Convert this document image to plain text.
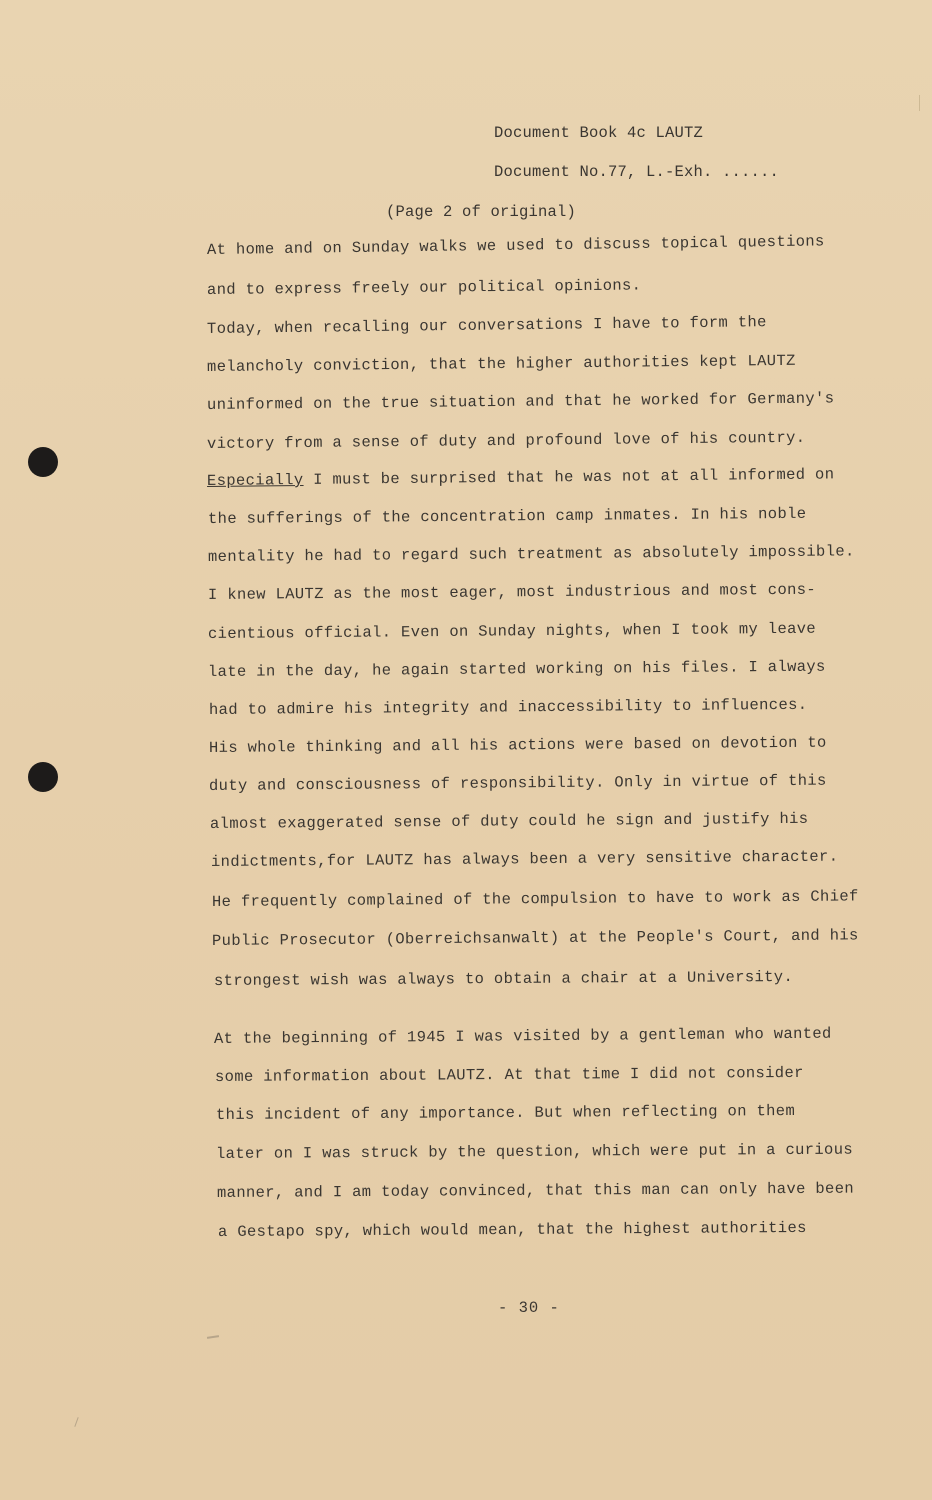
Document Book 4c LAUTZ
Document No.77, L.-Exh. ......
(Page 2 of original)
At home and on Sunday walks we used to discuss topical questions
and to express freely our political opinions.
Today, when recalling our conversations I have to form the
melancholy conviction, that the higher authorities kept LAUTZ
uninformed on the true situation and that he worked for Germany's
victory from a sense of duty and profound love of his country.
Especially I must be surprised that he was not at all informed on
the sufferings of the concentration camp inmates. In his noble
mentality he had to regard such treatment as absolutely impossible.
I knew LAUTZ as the most eager, most industrious and most cons-
cientious official. Even on Sunday nights, when I took my leave
late in the day, he again started working on his files. I always
had to admire his integrity and inaccessibility to influences.
His whole thinking and all his actions were based on devotion to
duty and consciousness of responsibility. Only in virtue of this
almost exaggerated sense of duty could he sign and justify his
indictments,for LAUTZ has always been a very sensitive character.
He frequently complained of the compulsion to have to work as Chief
Public Prosecutor (Oberreichsanwalt) at the People's Court, and his
strongest wish was always to obtain a chair at a University.
At the beginning of 1945 I was visited by a gentleman who wanted
some information about LAUTZ. At that time I did not consider
this incident of any importance. But when reflecting on them
later on I was struck by the question, which were put in a curious
manner, and I am today convinced, that this man can only have been
a Gestapo spy, which would mean, that the highest authorities
- 30 -
